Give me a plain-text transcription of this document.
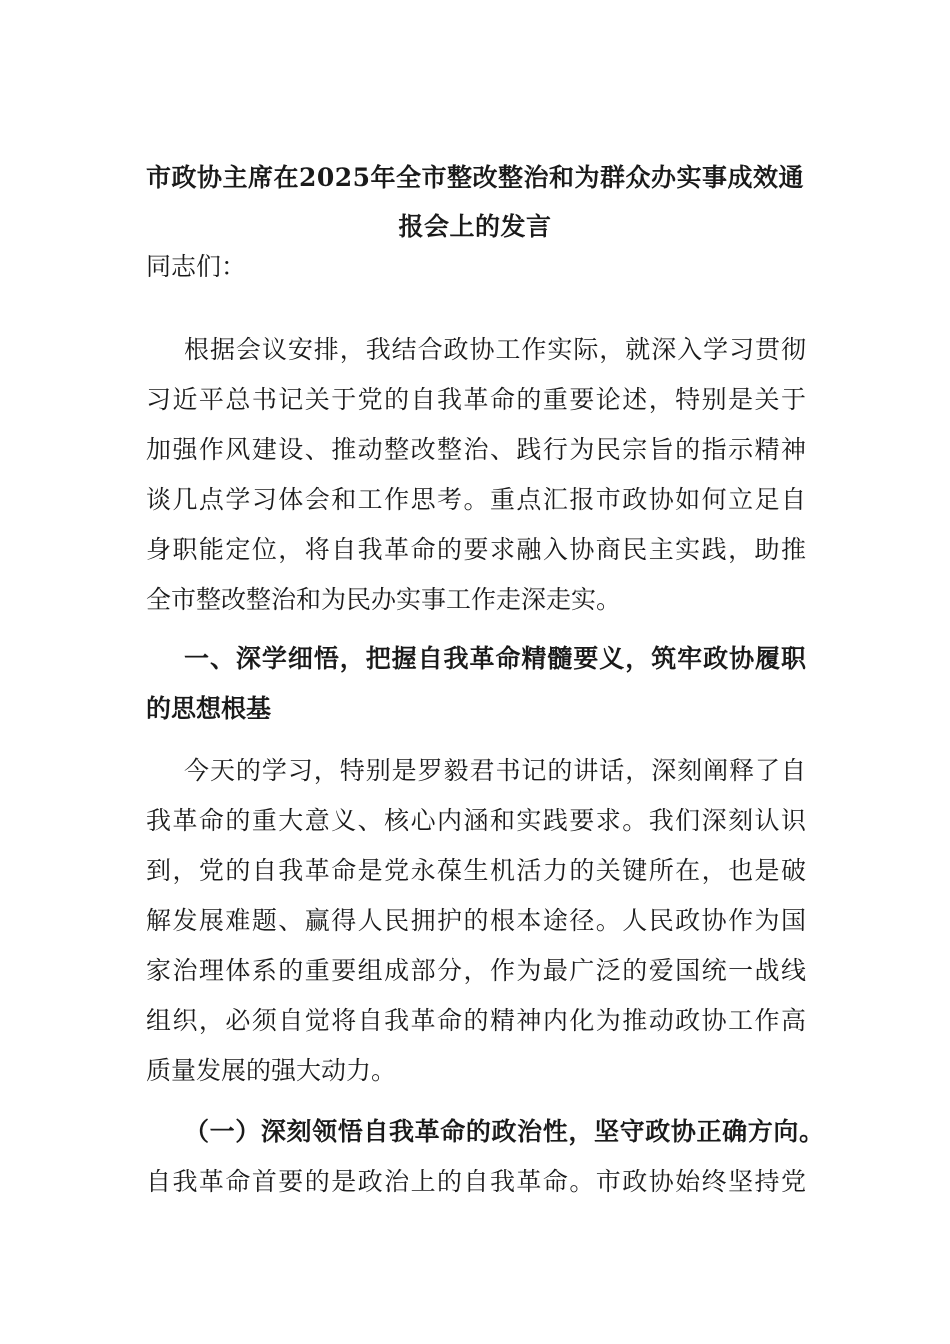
市政协主席在2025年全市整改整治和为群众办实事成效通
报会上的发言
同志们：
根据会议安排，我结合政协工作实际，就深入学习贯彻
习近平总书记关于党的自我革命的重要论述，特别是关于
加强作风建设、推动整改整治、践行为民宗旨的指示精神
谈几点学习体会和工作思考。重点汇报市政协如何立足自
身职能定位，将自我革命的要求融入协商民主实践，助推
全市整改整治和为民办实事工作走深走实。
一、深学细悟，把握自我革命精髓要义，筑牢政协履职
的思想根基
今天的学习，特别是罗毅君书记的讲话，深刻阐释了自
我革命的重大意义、核心内涵和实践要求。我们深刻认识
到，党的自我革命是党永葆生机活力的关键所在，也是破
解发展难题、赢得人民拥护的根本途径。人民政协作为国
家治理体系的重要组成部分，作为最广泛的爱国统一战线
组织，必须自觉将自我革命的精神内化为推动政协工作高
质量发展的强大动力。
（一）深刻领悟自我革命的政治性，坚守政协正确方向。
自我革命首要的是政治上的自我革命。市政协始终坚持党
